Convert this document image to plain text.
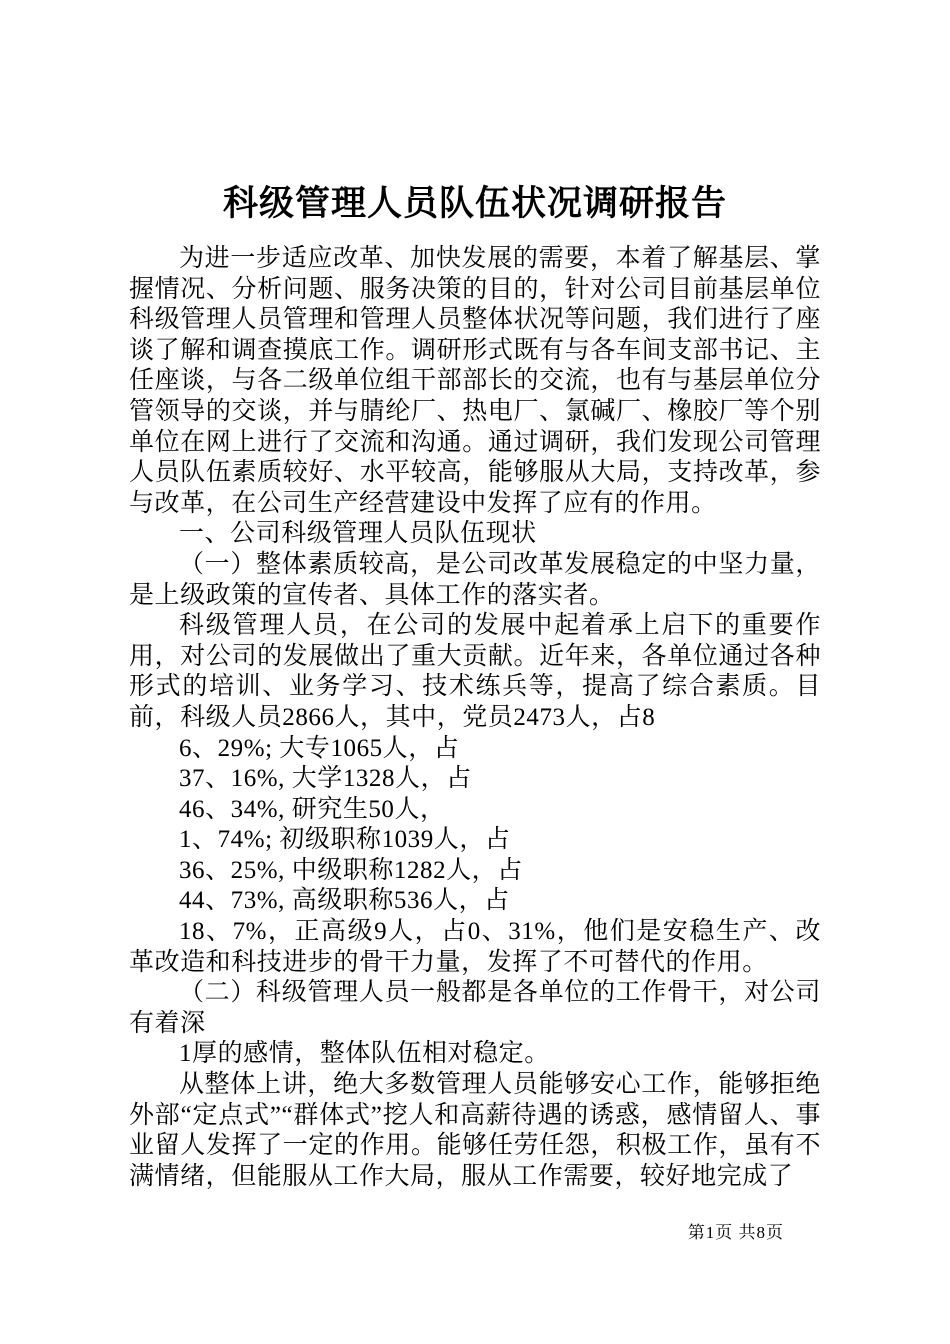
科级管理人员队伍状况调研报告

为进一步适应改革、加快发展的需要，本着了解基层、掌握情况、分析问题、服务决策的目的，针对公司目前基层单位科级管理人员管理和管理人员整体状况等问题，我们进行了座谈了解和调查摸底工作。调研形式既有与各车间支部书记、主任座谈，与各二级单位组干部部长的交流，也有与基层单位分管领导的交谈，并与腈纶厂、热电厂、氯碱厂、橡胶厂等个别单位在网上进行了交流和沟通。通过调研，我们发现公司管理人员队伍素质较好、水平较高，能够服从大局，支持改革，参与改革，在公司生产经营建设中发挥了应有的作用。

一、公司科级管理人员队伍现状

（一）整体素质较高，是公司改革发展稳定的中坚力量，是上级政策的宣传者、具体工作的落实者。

科级管理人员，在公司的发展中起着承上启下的重要作用，对公司的发展做出了重大贡献。近年来，各单位通过各种形式的培训、业务学习、技术练兵等，提高了综合素质。目前，科级人员2866人，其中，党员2473人，占8

6、29%; 大专1065人，占

37、16%, 大学1328人，占

46、34%, 研究生50人，

1、74%; 初级职称1039人，占

36、25%, 中级职称1282人，占

44、73%, 高级职称536人，占

18、7%，正高级9人，占0、31%，他们是安稳生产、改革改造和科技进步的骨干力量，发挥了不可替代的作用。

（二）科级管理人员一般都是各单位的工作骨干，对公司有着深

1厚的感情，整体队伍相对稳定。

从整体上讲，绝大多数管理人员能够安心工作，能够拒绝外部“定点式”“群体式”挖人和高薪待遇的诱惑，感情留人、事业留人发挥了一定的作用。能够任劳任怨，积极工作，虽有不满情绪，但能服从工作大局，服从工作需要，较好地完成了

第1页 共8页
